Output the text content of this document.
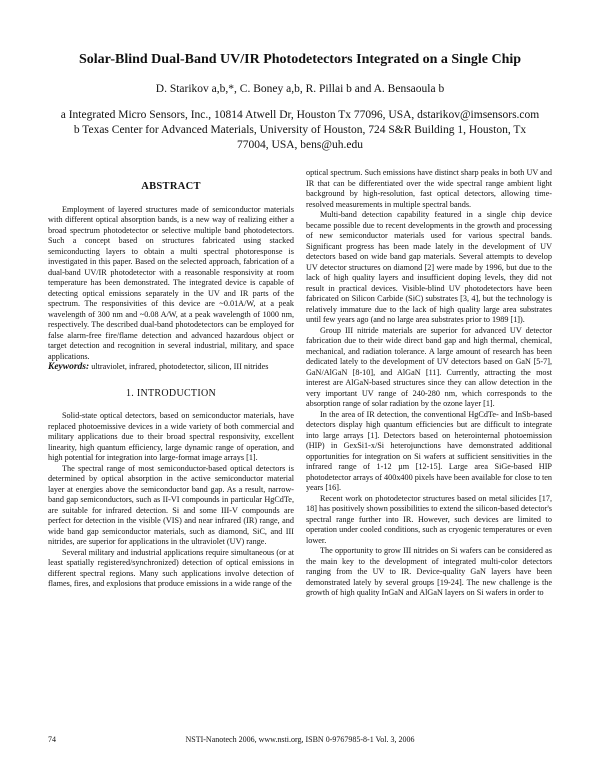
Solar-Blind Dual-Band UV/IR Photodetectors Integrated on a Single Chip
D. Starikov a,b,*, C. Boney a,b, R. Pillai b and A. Bensaoula b
a Integrated Micro Sensors, Inc., 10814 Atwell Dr, Houston Tx 77096, USA, dstarikov@imsensors.com
b Texas Center for Advanced Materials, University of Houston, 724 S&R Building 1, Houston, Tx 77004, USA, bens@uh.edu
ABSTRACT

Employment of layered structures made of semiconductor materials with different optical absorption bands, is a new way of realizing either a broad spectrum photodetector or selective multiple band photodetectors. Such a concept based on structures fabricated using stacked semiconducting layers to obtain a multi spectral photoresponse is investigated in this paper. Based on the selected approach, fabrication of a dual-band UV/IR photodetector with a reasonable responsivity at room temperature has been demonstrated. The integrated device is capable of detecting optical emissions separately in the UV and IR parts of the spectrum. The responsivities of this device are ~0.01A/W, at a peak wavelength of 300 nm and ~0.08 A/W, at a peak wavelength of 1000 nm, respectively. The described dual-band photodetectors can be employed for false alarm-free fire/flame detection and advanced hazardous object or target detection and recognition in several industrial, military, and space applications.

Keywords: ultraviolet, infrared, photodetector, silicon, III nitrides

1. INTRODUCTION

Solid-state optical detectors, based on semiconductor materials, have replaced photoemissive devices in a wide variety of both commercial and military applications due to their broad spectral responsivity, excellent linearity, high quantum efficiency, large dynamic range of operation, and high potential for integration into large-format image arrays [1].

The spectral range of most semiconductor-based optical detectors is determined by optical absorption in the active semiconductor material layer at energies above the semiconductor band gap. As a result, narrow-band gap semiconductors, such as II-VI compounds in particular HgCdTe, are suitable for infrared detection. Si and some III-V compounds are perfect for detection in the visible (VIS) and near infrared (IR) range, and wide band gap semiconductor materials, such as diamond, SiC, and III nitrides, are superior for applications in the ultraviolet (UV) range.

Several military and industrial applications require simultaneous (or at least spatially registered/synchronized) detection of optical emissions in different spectral regions. Many such applications involve detection of flames, fires, and explosions that produce emissions in a wide range of the

optical spectrum. Such emissions have distinct sharp peaks in both UV and IR that can be differentiated over the wide spectral range ambient light background by high-resolution, fast optical detectors, allowing time-resolved measurements in multiple spectral bands.

Multi-band detection capability featured in a single chip device became possible due to recent developments in the growth and processing of new semiconductor materials used for various spectral bands. Significant progress has been made lately in the development of UV detectors based on wide band gap materials. Several attempts to develop UV detector structures on diamond [2] were made by 1996, but due to the lack of high quality layers and insufficient doping levels, they did not result in practical devices. Visible-blind UV photodetectors have been fabricated on Silicon Carbide (SiC) substrates [3, 4], but the technology is relatively immature due to the lack of high quality large area substrates until few years ago (and no large area substrates prior to 1989 [1]).

Group III nitride materials are superior for advanced UV detector fabrication due to their wide direct band gap and high thermal, chemical, mechanical, and radiation tolerance. A large amount of research has been dedicated lately to the development of UV detectors based on GaN [5-7], GaN/AlGaN [8-10], and AlGaN [11]. Currently, attracting the most interest are AlGaN-based structures since they can allow detection in the very important UV range of 240-280 nm, which corresponds to the absorption range of solar radiation by the ozone layer [1].

In the area of IR detection, the conventional HgCdTe- and InSb-based detectors display high quantum efficiencies but are difficult to integrate into large arrays [1]. Detectors based on heterointernal photoemission (HIP) in GexSi1-x/Si heterojunctions have demonstrated additional opportunities for integration on Si wafers at sufficient sensitivities in the infrared range of 1-12 µm [12-15]. Large area SiGe-based HIP photodetector arrays of 400x400 pixels have been available for close to ten years [16].

Recent work on photodetector structures based on metal silicides [17, 18] has positively shown possibilities to extend the silicon-based detector's spectral range further into IR. However, such devices are limited to operation under cooled conditions, such as cryogenic temperatures or even lower.

The opportunity to grow III nitrides on Si wafers can be considered as the main key to the development of integrated multi-color detectors ranging from the UV to IR. Device-quality GaN layers have been demonstrated lately by several groups [19-24]. The new challenge is the growth of high quality InGaN and AlGaN layers on Si wafers in order to

74	NSTI-Nanotech 2006, www.nsti.org, ISBN 0-9767985-8-1 Vol. 3, 2006
